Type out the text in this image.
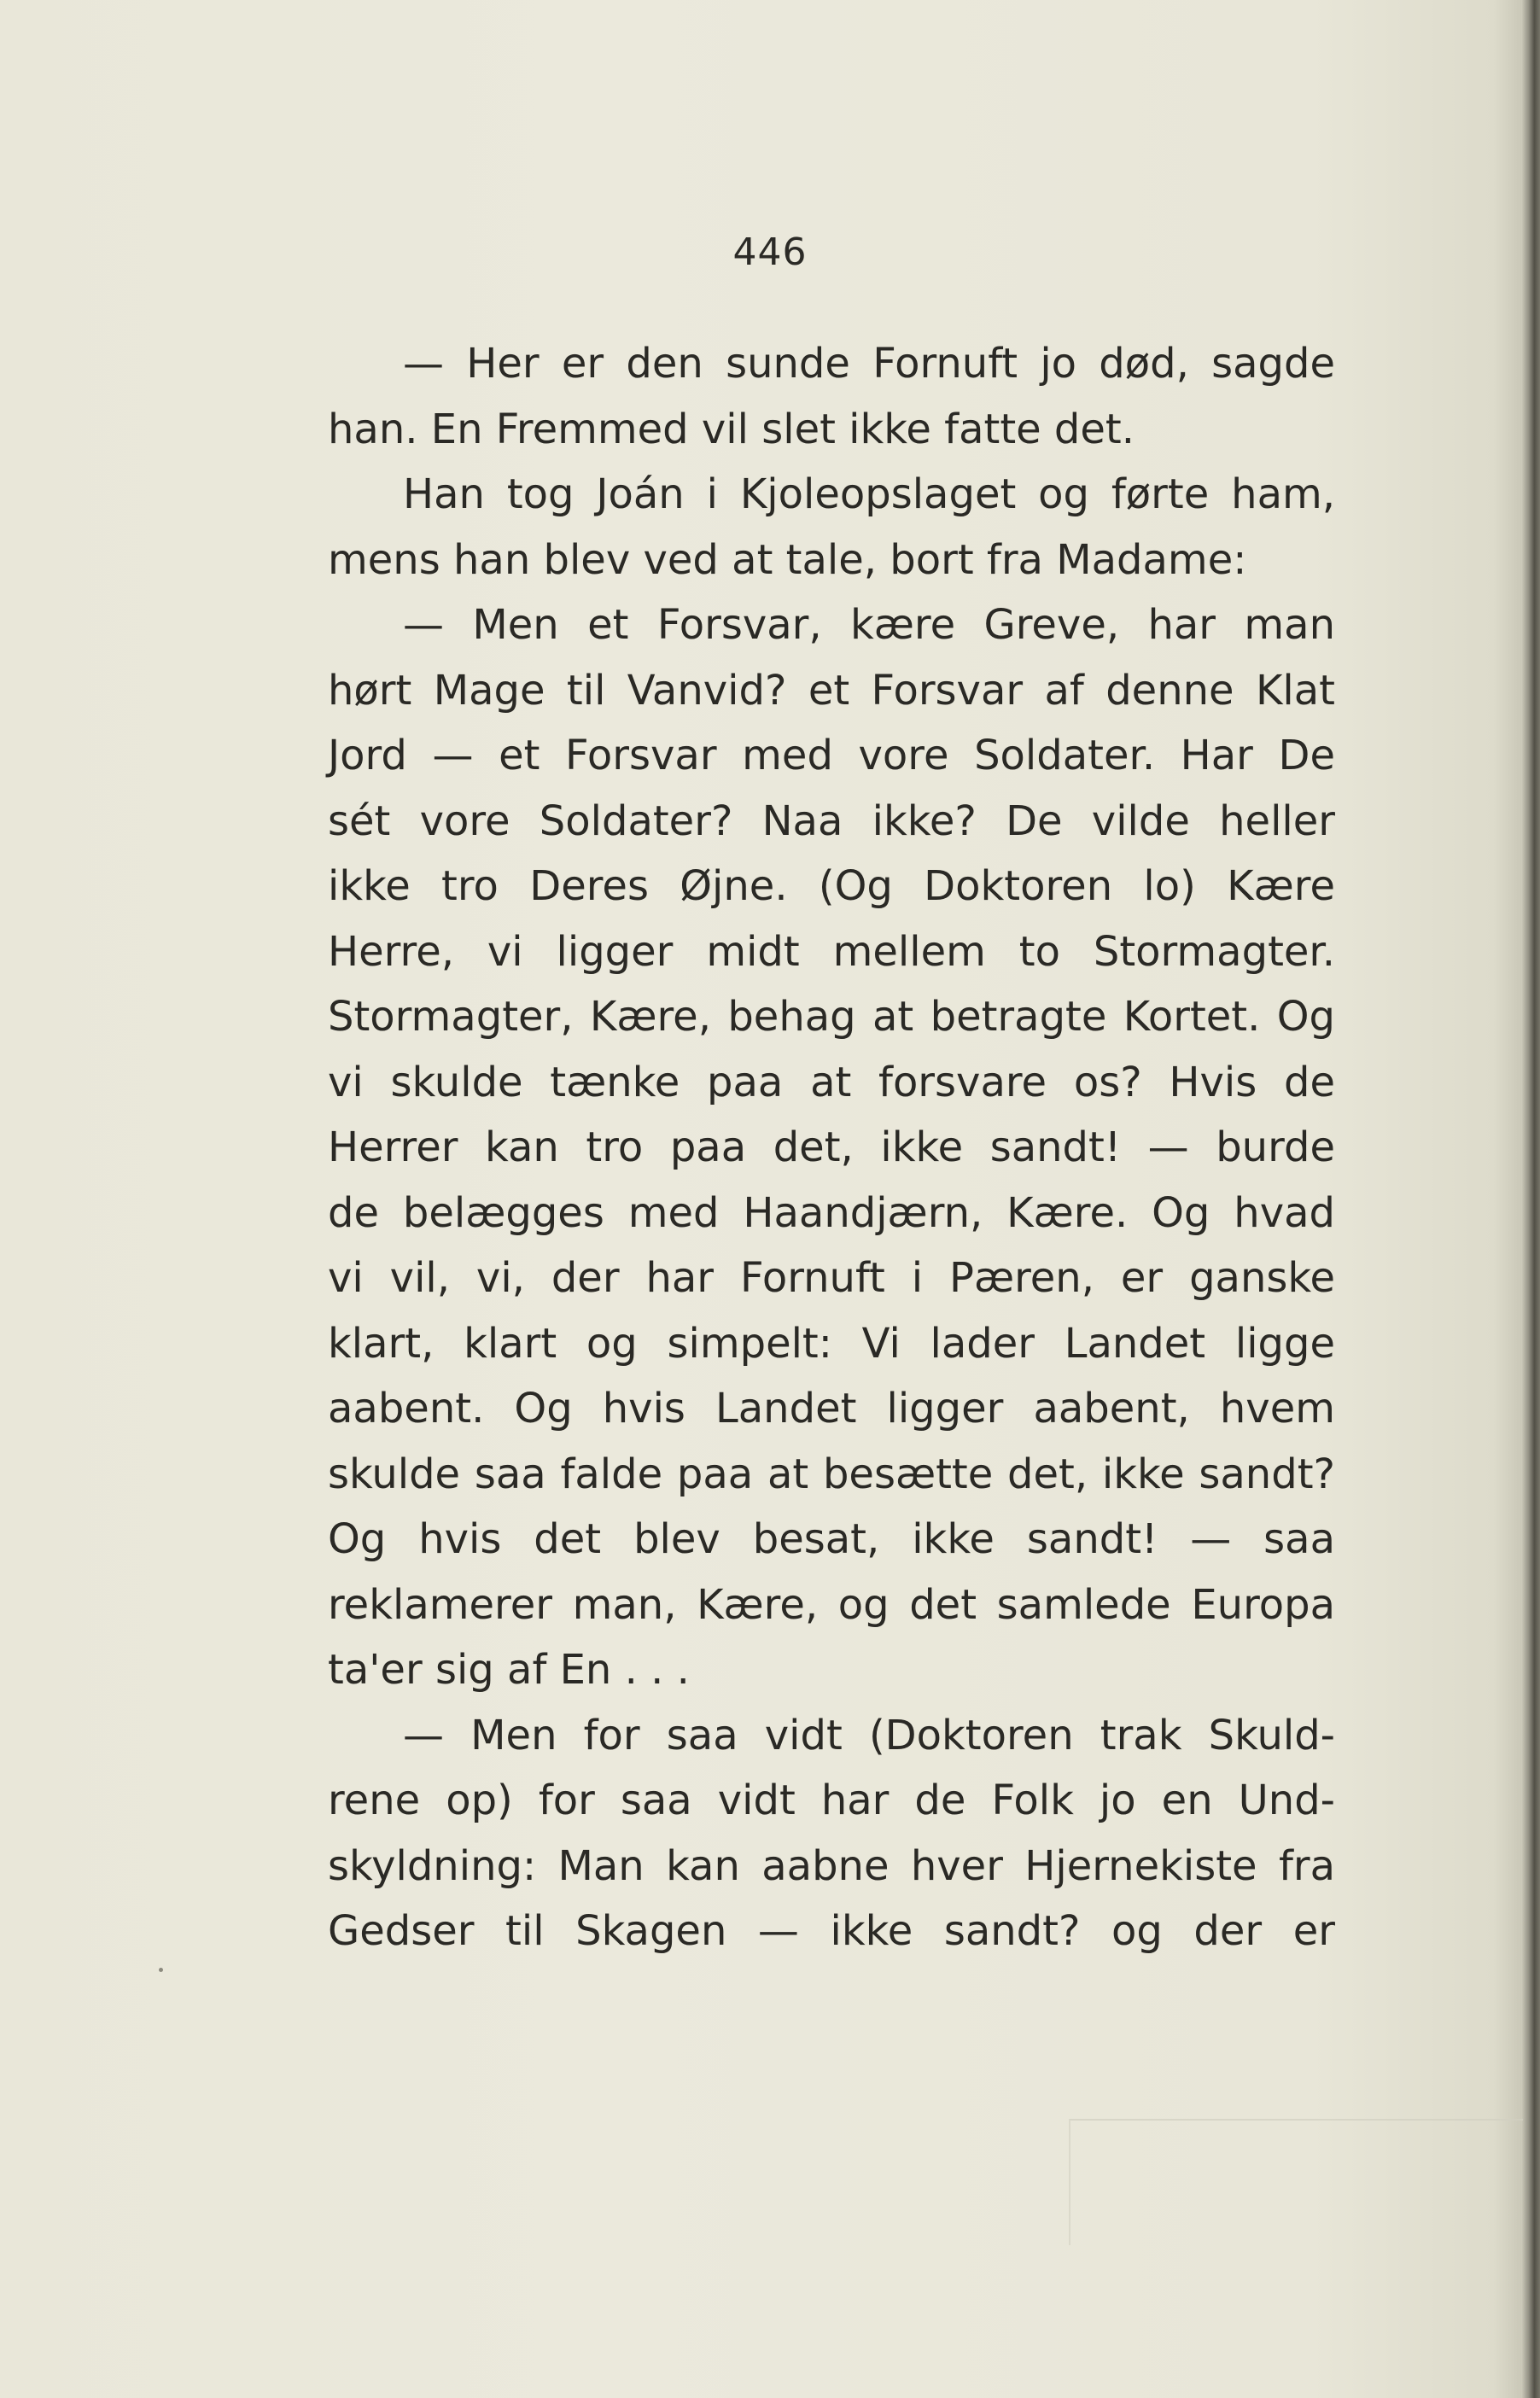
446
— Her er den sunde Fornuft jo død, sagde
han. En Fremmed vil slet ikke fatte det.
Han tog Joán i Kjoleopslaget og førte ham,
mens han blev ved at tale, bort fra Madame:
— Men et Forsvar, kære Greve, har man
hørt Mage til Vanvid? et Forsvar af denne Klat
Jord — et Forsvar med vore Soldater. Har De
sét vore Soldater? Naa ikke? De vilde heller
ikke tro Deres Øjne. (Og Doktoren lo) Kære
Herre, vi ligger midt mellem to Stormagter.
Stormagter, Kære, behag at betragte Kortet. Og
vi skulde tænke paa at forsvare os? Hvis de
Herrer kan tro paa det, ikke sandt! — burde
de belægges med Haandjærn, Kære. Og hvad
vi vil, vi, der har Fornuft i Pæren, er ganske
klart, klart og simpelt: Vi lader Landet ligge
aabent. Og hvis Landet ligger aabent, hvem
skulde saa falde paa at besætte det, ikke sandt?
Og hvis det blev besat, ikke sandt! — saa
reklamerer man, Kære, og det samlede Europa
ta'er sig af En . . .
— Men for saa vidt (Doktoren trak Skuld-
rene op) for saa vidt har de Folk jo en Und-
skyldning: Man kan aabne hver Hjernekiste fra
Gedser til Skagen — ikke sandt? og der er
